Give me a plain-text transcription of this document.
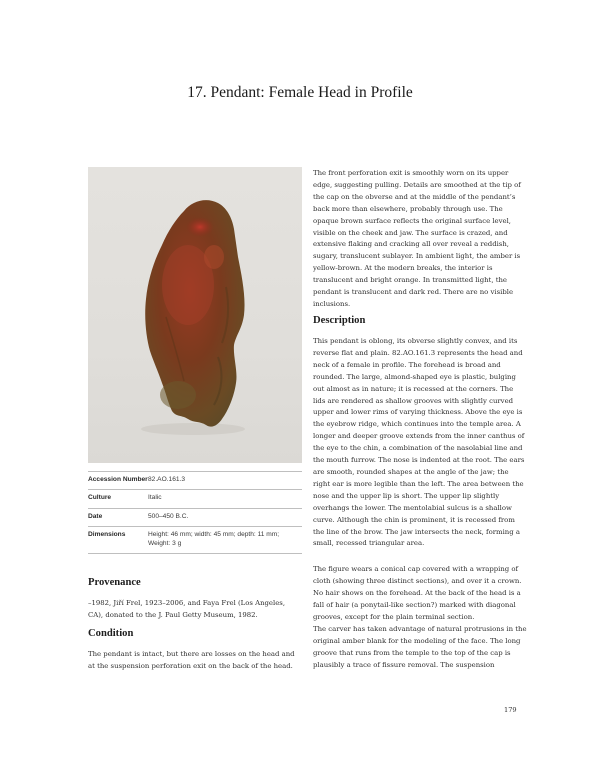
17. Pendant: Female Head in Profile
Accession Number	82.AO.161.3
Culture	Italic
Date	500–450 B.C.
Dimensions	Height: 46 mm; width: 45 mm; depth: 11 mm; Weight: 3 g
Provenance

–1982, Jiří Frel, 1923–2006, and Faya Frel (Los Angeles, CA), donated to the J. Paul Getty Museum, 1982.

Condition

The pendant is intact, but there are losses on the head and at the suspension perforation exit on the back of the head.

The front perforation exit is smoothly worn on its upper edge, suggesting pulling. Details are smoothed at the tip of the cap on the obverse and at the middle of the pendant’s back more than elsewhere, probably through use. The opaque brown surface reflects the original surface level, visible on the cheek and jaw. The surface is crazed, and extensive flaking and cracking all over reveal a reddish, sugary, translucent sublayer. In ambient light, the amber is yellow-brown. At the modern breaks, the interior is translucent and bright orange. In transmitted light, the pendant is translucent and dark red. There are no visible inclusions.

Description

This pendant is oblong, its obverse slightly convex, and its reverse flat and plain. 82.AO.161.3 represents the head and neck of a female in profile. The forehead is broad and rounded. The large, almond-shaped eye is plastic, bulging out almost as in nature; it is recessed at the corners. The lids are rendered as shallow grooves with slightly curved upper and lower rims of varying thickness. Above the eye is the eyebrow ridge, which continues into the temple area. A longer and deeper groove extends from the inner canthus of the eye to the chin, a combination of the nasolabial line and the mouth furrow. The nose is indented at the root. The ears are smooth, rounded shapes at the angle of the jaw; the right ear is more legible than the left. The area between the nose and the upper lip is short. The upper lip slightly overhangs the lower. The mentolabial sulcus is a shallow curve. Although the chin is prominent, it is recessed from the line of the brow. The jaw intersects the neck, forming a small, recessed triangular area.

The figure wears a conical cap covered with a wrapping of cloth (showing three distinct sections), and over it a crown. No hair shows on the forehead. At the back of the head is a fall of hair (a ponytail-like section?) marked with diagonal grooves, except for the plain terminal section.

The carver has taken advantage of natural protrusions in the original amber blank for the modeling of the face. The long groove that runs from the temple to the top of the cap is plausibly a trace of fissure removal. The suspension

179
